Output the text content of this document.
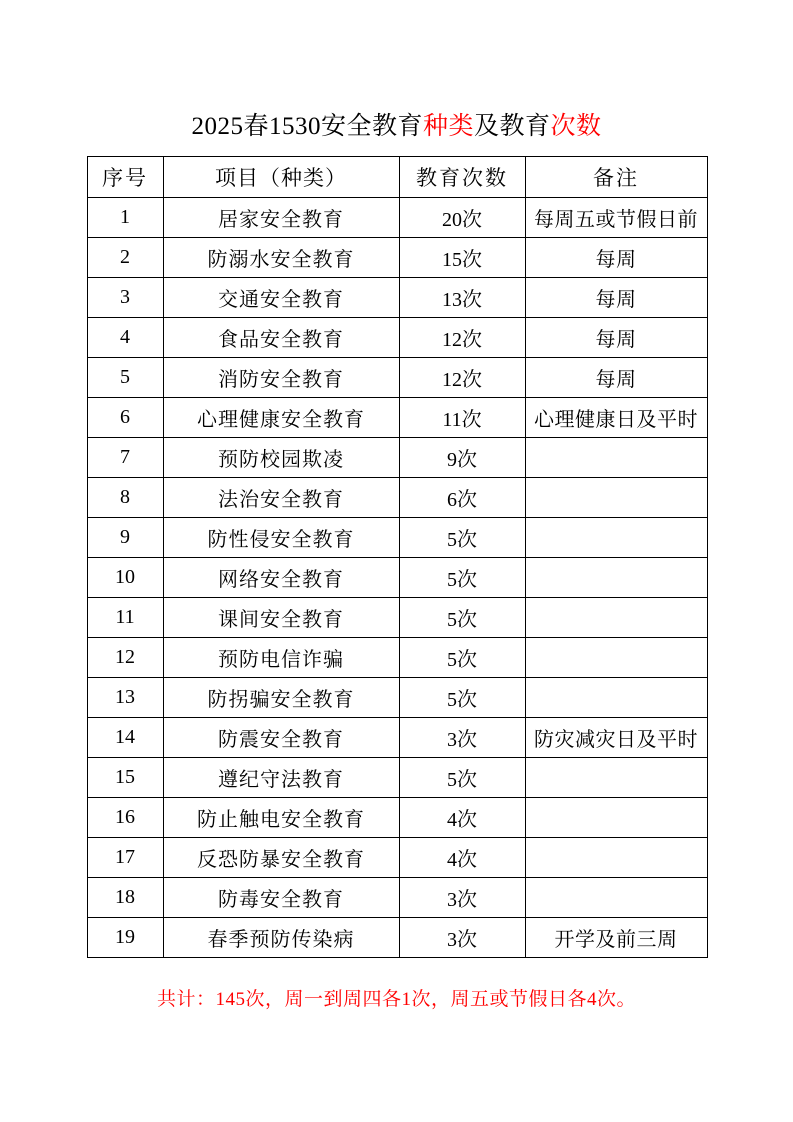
2025春1530安全教育种类及教育次数
序号	项目（种类）	教育次数	备注
1	居家安全教育	20次	每周五或节假日前
2	防溺水安全教育	15次	每周
3	交通安全教育	13次	每周
4	食品安全教育	12次	每周
5	消防安全教育	12次	每周
6	心理健康安全教育	11次	心理健康日及平时
7	预防校园欺凌	9次	
8	法治安全教育	6次	
9	防性侵安全教育	5次	
10	网络安全教育	5次	
11	课间安全教育	5次	
12	预防电信诈骗	5次	
13	防拐骗安全教育	5次	
14	防震安全教育	3次	防灾减灾日及平时
15	遵纪守法教育	5次	
16	防止触电安全教育	4次	
17	反恐防暴安全教育	4次	
18	防毒安全教育	3次	
19	春季预防传染病	3次	开学及前三周

共计：145次，周一到周四各1次，周五或节假日各4次。
